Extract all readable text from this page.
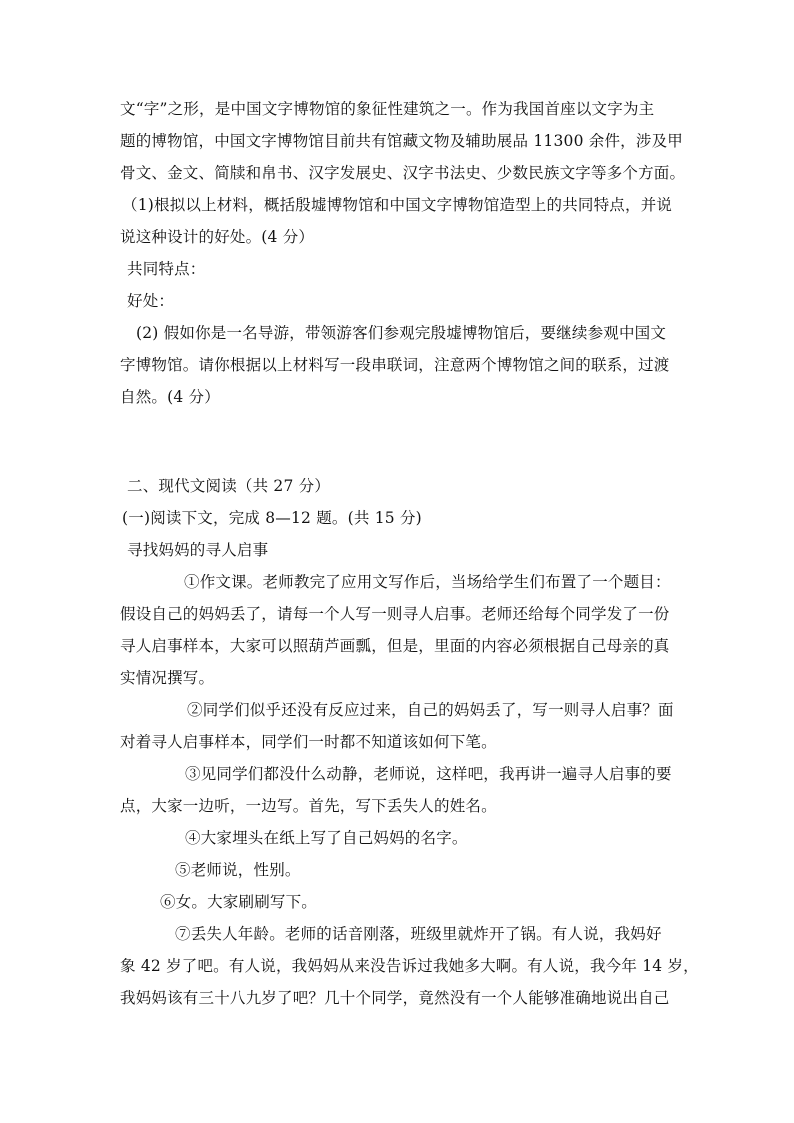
文“字”之形，是中国文字博物馆的象征性建筑之一。作为我国首座以文字为主
题的博物馆，中国文字博物馆目前共有馆藏文物及辅助展品 11300 余件，涉及甲
骨文、金文、简牍和帛书、汉字发展史、汉字书法史、少数民族文字等多个方面。
（1)根拟以上材料，概括殷墟博物馆和中国文字博物馆造型上的共同特点，并说
说这种设计的好处。(4 分）
共同特点：
好处：
(2) 假如你是一名导游，带领游客们参观完殷墟博物馆后，要继续参观中国文
字博物馆。请你根据以上材料写一段串联词，注意两个博物馆之间的联系，过渡
自然。(4 分）
二、现代文阅读（共 27 分）
(一)阅读下文，完成 8—12 题。(共 15 分)
寻找妈妈的寻人启事
①作文课。老师教完了应用文写作后，当场给学生们布置了一个题目：
假设自己的妈妈丢了，请每一个人写一则寻人启事。老师还给每个同学发了一份
寻人启事样本，大家可以照葫芦画瓢，但是，里面的内容必须根据自己母亲的真
实情况撰写。
②同学们似乎还没有反应过来，自己的妈妈丢了，写一则寻人启事？面
对着寻人启事样本，同学们一时都不知道该如何下笔。
③见同学们都没什么动静，老师说，这样吧，我再讲一遍寻人启事的要
点，大家一边听，一边写。首先，写下丢失人的姓名。
④大家埋头在纸上写了自己妈妈的名字。
⑤老师说，性别。
⑥女。大家刷刷写下。
⑦丢失人年龄。老师的话音刚落，班级里就炸开了锅。有人说，我妈好
象 42 岁了吧。有人说，我妈妈从来没告诉过我她多大啊。有人说，我今年 14 岁，
我妈妈该有三十八九岁了吧？几十个同学，竟然没有一个人能够准确地说出自己
